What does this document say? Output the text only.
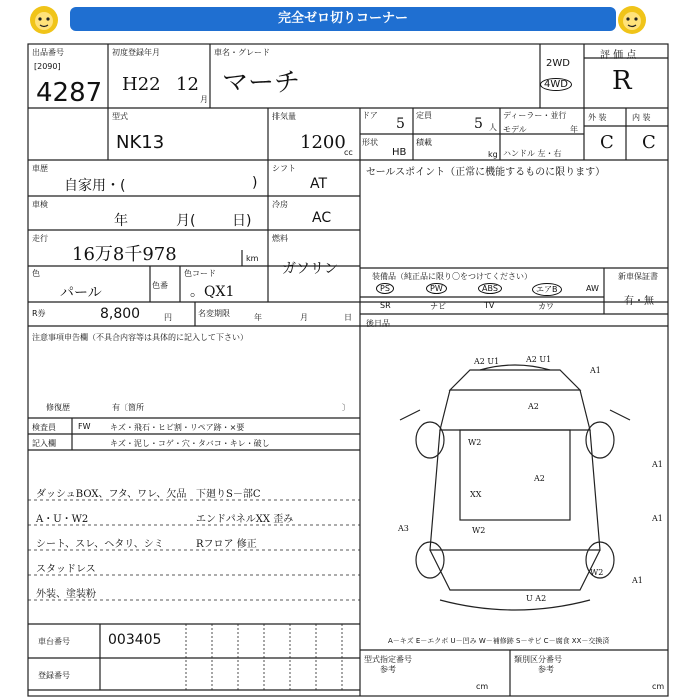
完全ゼロ切りコーナー
出品番号
[2090]
4287
初度登録年月
H22 12
月
車名・グレード
マーチ
2WD
4WD
評 価 点
R
型式
NK13
排気量
1200
cc
ドア
5
定員
5 人
ディーラー・並行
モデル	年
形状
HB
積載
kg ハンドル 左・右
外 装	内 装
C C
車歴
自家用・(	)
シフト
AT
セールスポイント（正常に機能するものに限ります）
車検
年	月(	日)
冷房
AC
走行
16万8千978	km
燃料
ガソリン
色
パール	色番
色コード
。QX1
装備品（純正品に限り〇をつけてください）
PS	PW	ABS	エアB	AW
SR	ナビ	TV	カワ
新車保証書
有・無
R券	8,800	円	名変期限	年	月	日
後日品
注意事項申告欄（不具合内容等は具体的に記入して下さい）
修復歴	有〔箇所	〕
検査員	FW キズ・飛石・ヒビ割・リペア跡・×要
記入欄	キズ・泥し・コゲ・穴・タバコ・キレ・破し
ダッシュBOX、フタ、ワレ、欠品
A・U・W2
シート、スレ、ヘタリ、シミ
スタッドレス
外装、塗装粉
下廻りS－部C
エンドパネルXX 歪み
Rフロア 修正
A2 U1	A2 U1
A1
A2
W2
XX
A2
A3	W2
A1
A1
W2
A1
U A2
A－キズ E－エクボ U－凹み W－補修跡 S－サビ C－腐食 XX－交換済
車台番号	003405
登録番号
型式指定番号
参考
cm
類別区分番号
参考
cm
